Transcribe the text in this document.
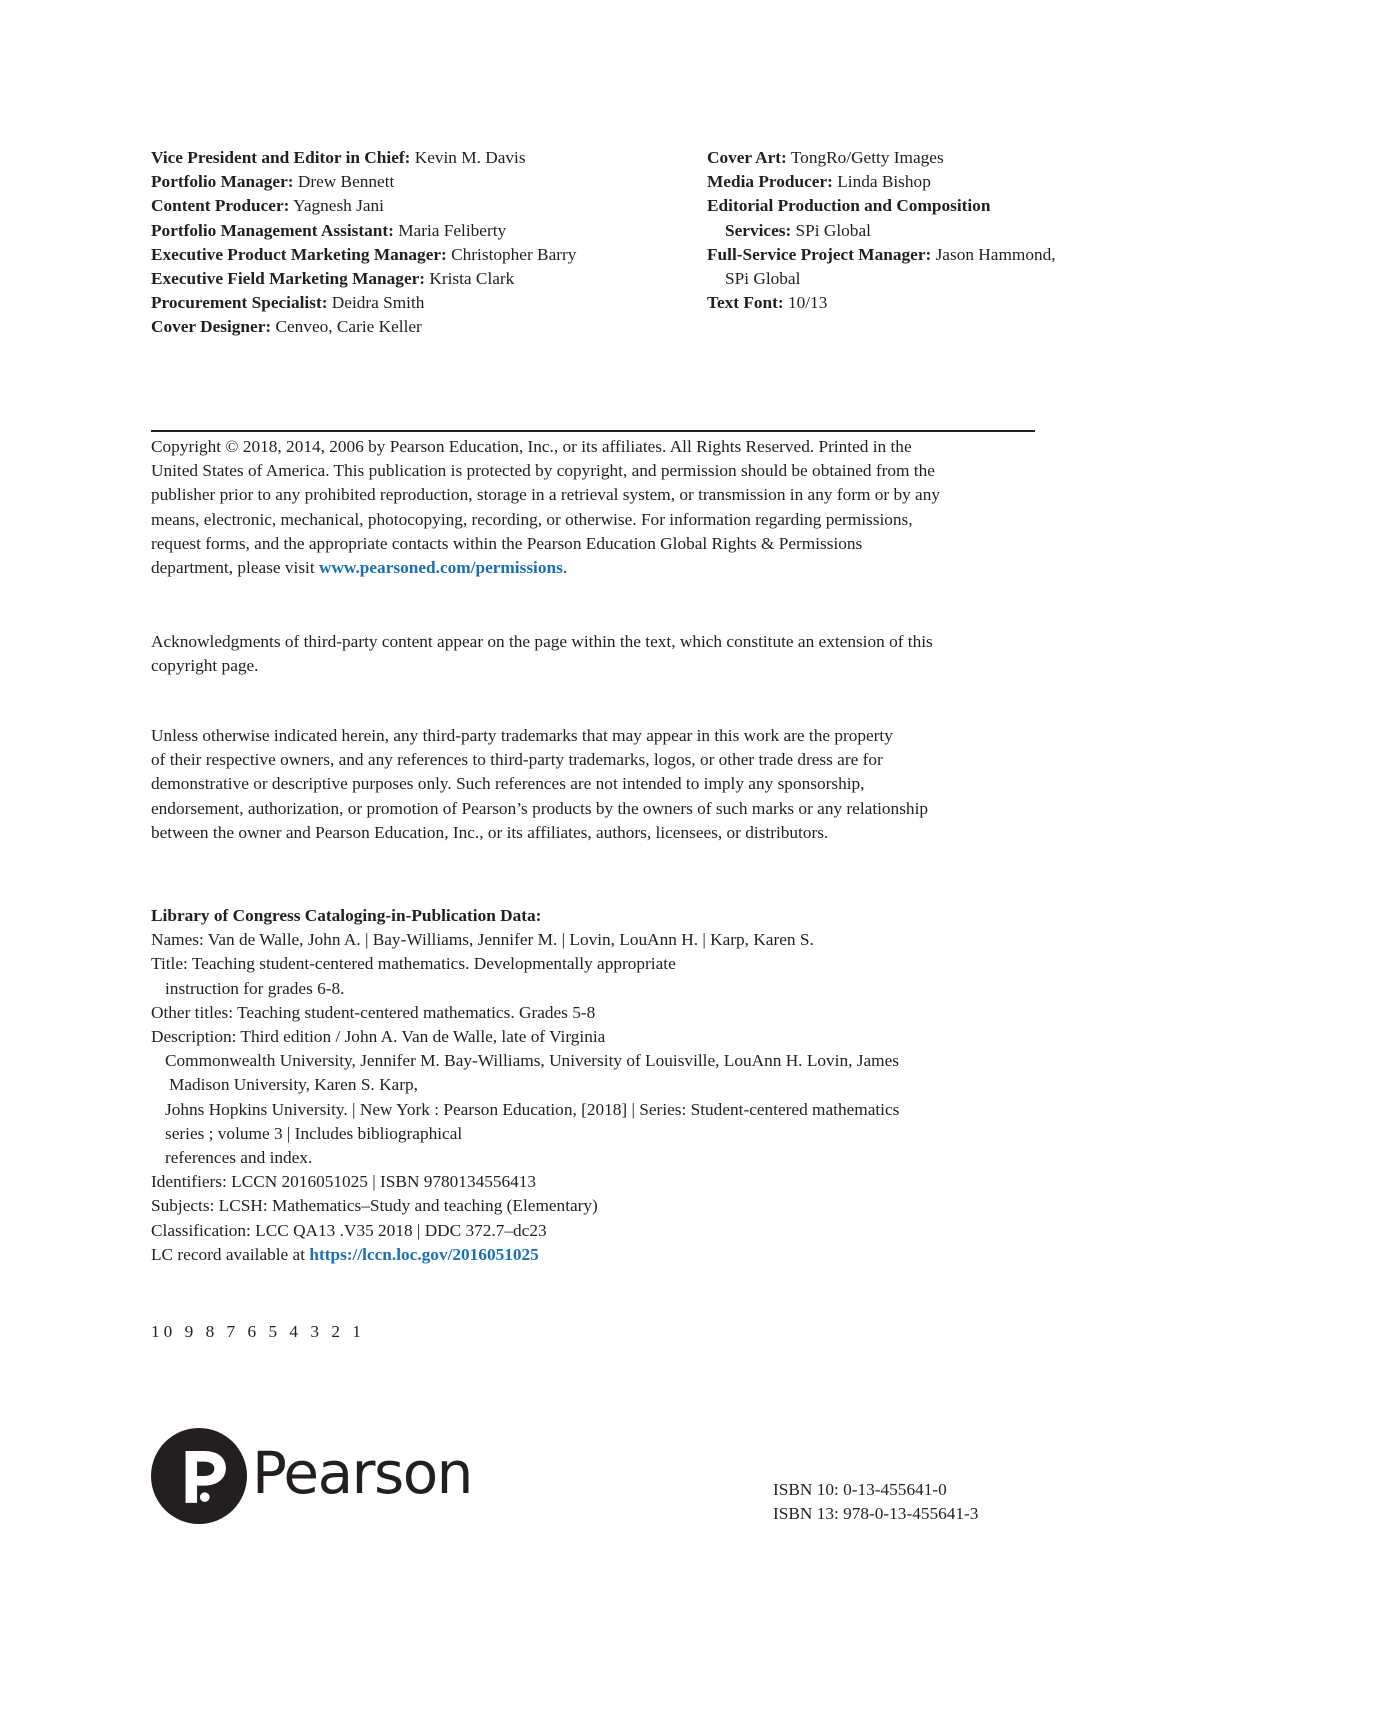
Vice President and Editor in Chief: Kevin M. Davis
Portfolio Manager: Drew Bennett
Content Producer: Yagnesh Jani
Portfolio Management Assistant: Maria Feliberty
Executive Product Marketing Manager: Christopher Barry
Executive Field Marketing Manager: Krista Clark
Procurement Specialist: Deidra Smith
Cover Designer: Cenveo, Carie Keller
Cover Art: TongRo/Getty Images
Media Producer: Linda Bishop
Editorial Production and Composition
Services: SPi Global
Full-Service Project Manager: Jason Hammond,
SPi Global
Text Font: 10/13
Copyright © 2018, 2014, 2006 by Pearson Education, Inc., or its affiliates. All Rights Reserved. Printed in the
United States of America. This publication is protected by copyright, and permission should be obtained from the
publisher prior to any prohibited reproduction, storage in a retrieval system, or transmission in any form or by any
means, electronic, mechanical, photocopying, recording, or otherwise. For information regarding permissions,
request forms, and the appropriate contacts within the Pearson Education Global Rights & Permissions
department, please visit www.pearsoned.com/permissions.
Acknowledgments of third-party content appear on the page within the text, which constitute an extension of this
copyright page.
Unless otherwise indicated herein, any third-party trademarks that may appear in this work are the property
of their respective owners, and any references to third-party trademarks, logos, or other trade dress are for
demonstrative or descriptive purposes only. Such references are not intended to imply any sponsorship,
endorsement, authorization, or promotion of Pearson’s products by the owners of such marks or any relationship
between the owner and Pearson Education, Inc., or its affiliates, authors, licensees, or distributors.
Library of Congress Cataloging-in-Publication Data:
Names: Van de Walle, John A. | Bay-Williams, Jennifer M. | Lovin, LouAnn H. | Karp, Karen S.
Title: Teaching student-centered mathematics. Developmentally appropriate
instruction for grades 6-8.
Other titles: Teaching student-centered mathematics. Grades 5-8
Description: Third edition / John A. Van de Walle, late of Virginia
Commonwealth University, Jennifer M. Bay-Williams, University of Louisville, LouAnn H. Lovin, James
Madison University, Karen S. Karp,
Johns Hopkins University. | New York : Pearson Education, [2018] | Series: Student-centered mathematics
series ; volume 3 | Includes bibliographical
references and index.
Identifiers: LCCN 2016051025 | ISBN 9780134556413
Subjects: LCSH: Mathematics–Study and teaching (Elementary)
Classification: LCC QA13 .V35 2018 | DDC 372.7–dc23
LC record available at https://lccn.loc.gov/2016051025
10 9 8 7 6 5 4 3 2 1
Pearson	ISBN 10: 0-13-455641-0
ISBN 13: 978-0-13-455641-3
